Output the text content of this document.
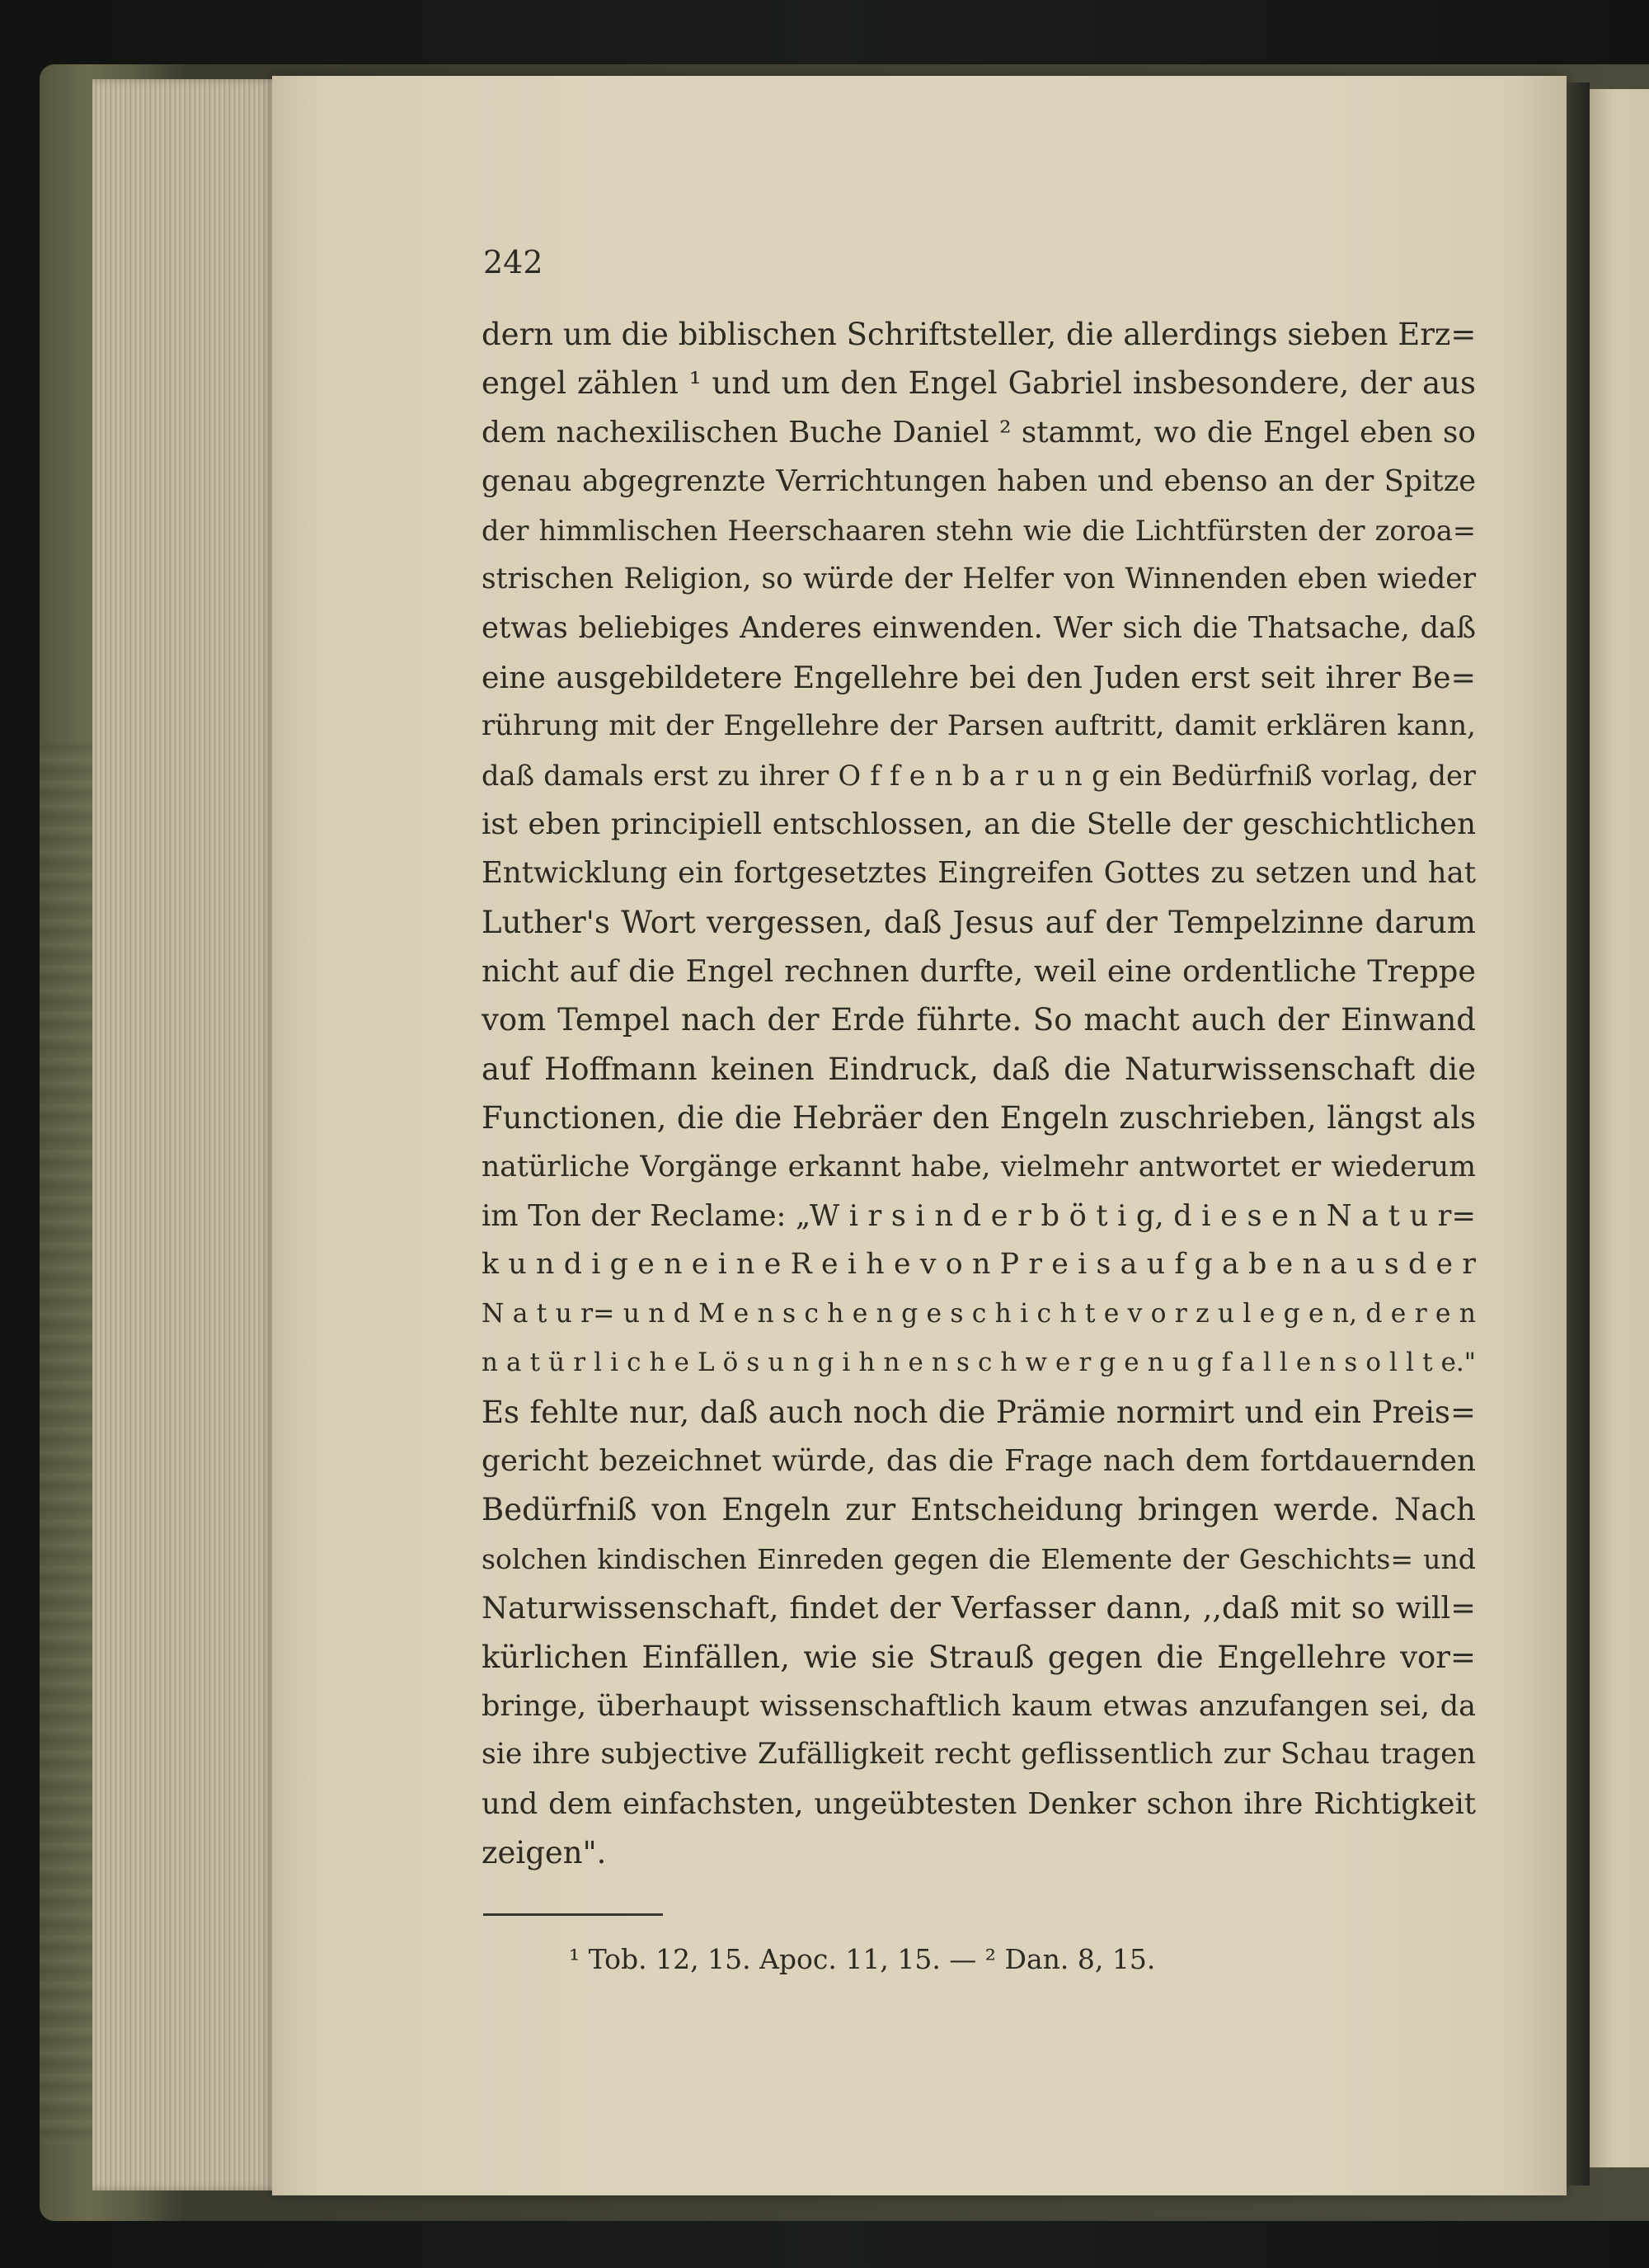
242

dern um die biblischen Schriftsteller, die allerdings sieben Erz=
engel zählen ¹ und um den Engel Gabriel insbesondere, der aus
dem nachexilischen Buche Daniel ² stammt, wo die Engel eben so
genau abgegrenzte Verrichtungen haben und ebenso an der Spitze
der himmlischen Heerschaaren stehn wie die Lichtfürsten der zoroa=
strischen Religion, so würde der Helfer von Winnenden eben wieder
etwas beliebiges Anderes einwenden. Wer sich die Thatsache, daß
eine ausgebildetere Engellehre bei den Juden erst seit ihrer Be=
rührung mit der Engellehre der Parsen auftritt, damit erklären kann,
daß damals erst zu ihrer O f f e n b a r u n g ein Bedürfniß vorlag, der
ist eben principiell entschlossen, an die Stelle der geschichtlichen
Entwicklung ein fortgesetztes Eingreifen Gottes zu setzen und hat
Luther's Wort vergessen, daß Jesus auf der Tempelzinne darum
nicht auf die Engel rechnen durfte, weil eine ordentliche Treppe
vom Tempel nach der Erde führte. So macht auch der Einwand
auf Hoffmann keinen Eindruck, daß die Naturwissenschaft die
Functionen, die die Hebräer den Engeln zuschrieben, längst als
natürliche Vorgänge erkannt habe, vielmehr antwortet er wiederum
im Ton der Reclame: „W i r s i n d e r b ö t i g, d i e s e n N a t u r=
k u n d i g e n e i n e R e i h e v o n P r e i s a u f g a b e n a u s d e r
N a t u r= u n d M e n s c h e n g e s c h i c h t e v o r z u l e g e n, d e r e n
n a t ü r l i c h e L ö s u n g i h n e n s c h w e r g e n u g f a l l e n s o l l t e."
Es fehlte nur, daß auch noch die Prämie normirt und ein Preis=
gericht bezeichnet würde, das die Frage nach dem fortdauernden
Bedürfniß von Engeln zur Entscheidung bringen werde. Nach
solchen kindischen Einreden gegen die Elemente der Geschichts= und
Naturwissenschaft, findet der Verfasser dann, ,,daß mit so will=
kürlichen Einfällen, wie sie Strauß gegen die Engellehre vor=
bringe, überhaupt wissenschaftlich kaum etwas anzufangen sei, da
sie ihre subjective Zufälligkeit recht geflissentlich zur Schau tragen
und dem einfachsten, ungeübtesten Denker schon ihre Richtigkeit
zeigen".

¹ Tob. 12, 15. Apoc. 11, 15. — ² Dan. 8, 15.
